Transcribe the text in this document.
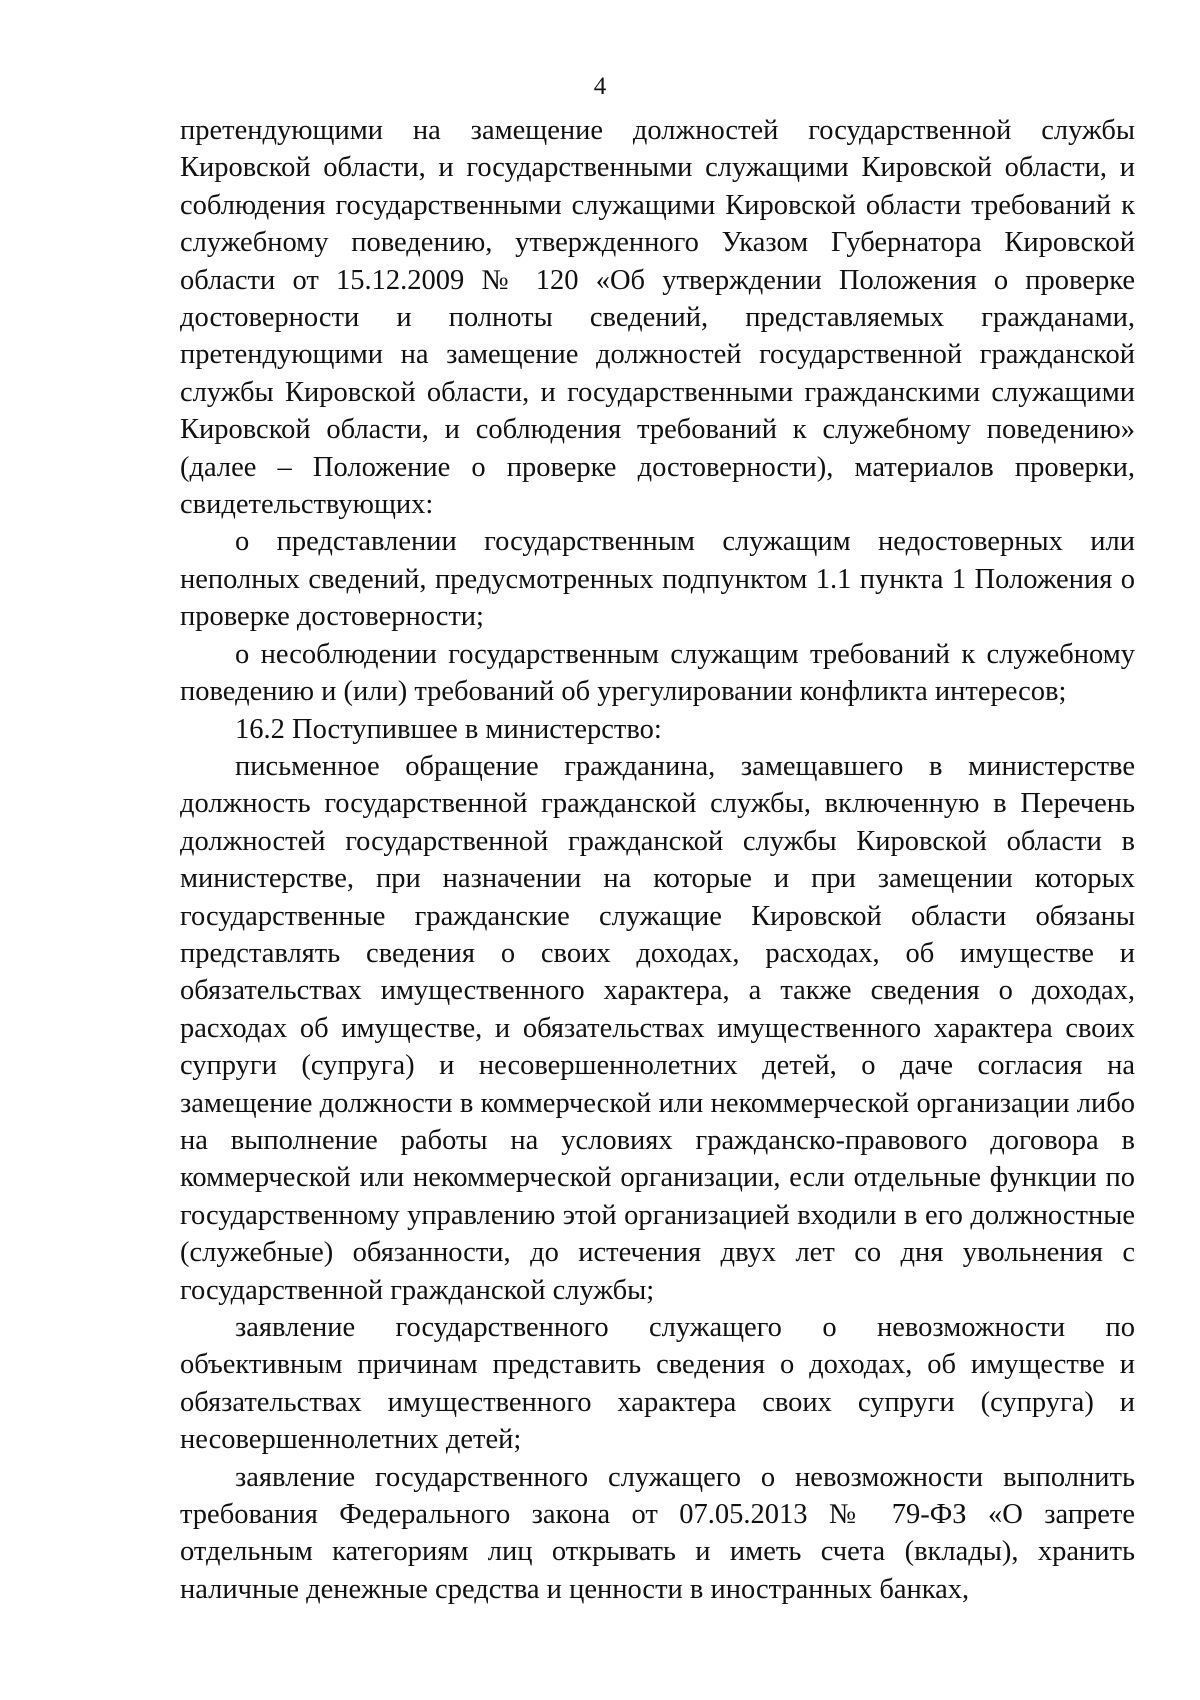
4

претендующими на замещение должностей государственной службы Кировской области, и государственными служащими Кировской области, и соблюдения государственными служащими Кировской области требований к служебному поведению, утвержденного Указом Губернатора Кировской области от 15.12.2009 № 120 «Об утверждении Положения о проверке достоверности и полноты сведений, представляемых гражданами, претендующими на замещение должностей государственной гражданской службы Кировской области, и государственными гражданскими служащими Кировской области, и соблюдения требований к служебному поведению» (далее – Положение о проверке достоверности), материалов проверки, свидетельствующих:

о представлении государственным служащим недостоверных или неполных сведений, предусмотренных подпунктом 1.1 пункта 1 Положения о проверке достоверности;

о несоблюдении государственным служащим требований к служебному поведению и (или) требований об урегулировании конфликта интересов;

16.2 Поступившее в министерство:

письменное обращение гражданина, замещавшего в министерстве должность государственной гражданской службы, включенную в Перечень должностей государственной гражданской службы Кировской области в министерстве, при назначении на которые и при замещении которых государственные гражданские служащие Кировской области обязаны представлять сведения о своих доходах, расходах, об имуществе и обязательствах имущественного характера, а также сведения о доходах, расходах об имуществе, и обязательствах имущественного характера своих супруги (супруга) и несовершеннолетних детей, о даче согласия на замещение должности в коммерческой или некоммерческой организации либо на выполнение работы на условиях гражданско-правового договора в коммерческой или некоммерческой организации, если отдельные функции по государственному управлению этой организацией входили в его должностные (служебные) обязанности, до истечения двух лет со дня увольнения с государственной гражданской службы;

заявление государственного служащего о невозможности по объективным причинам представить сведения о доходах, об имуществе и обязательствах имущественного характера своих супруги (супруга) и несовершеннолетних детей;

заявление государственного служащего о невозможности выполнить требования Федерального закона от 07.05.2013 № 79-ФЗ «О запрете отдельным категориям лиц открывать и иметь счета (вклады), хранить наличные денежные средства и ценности в иностранных банках,
